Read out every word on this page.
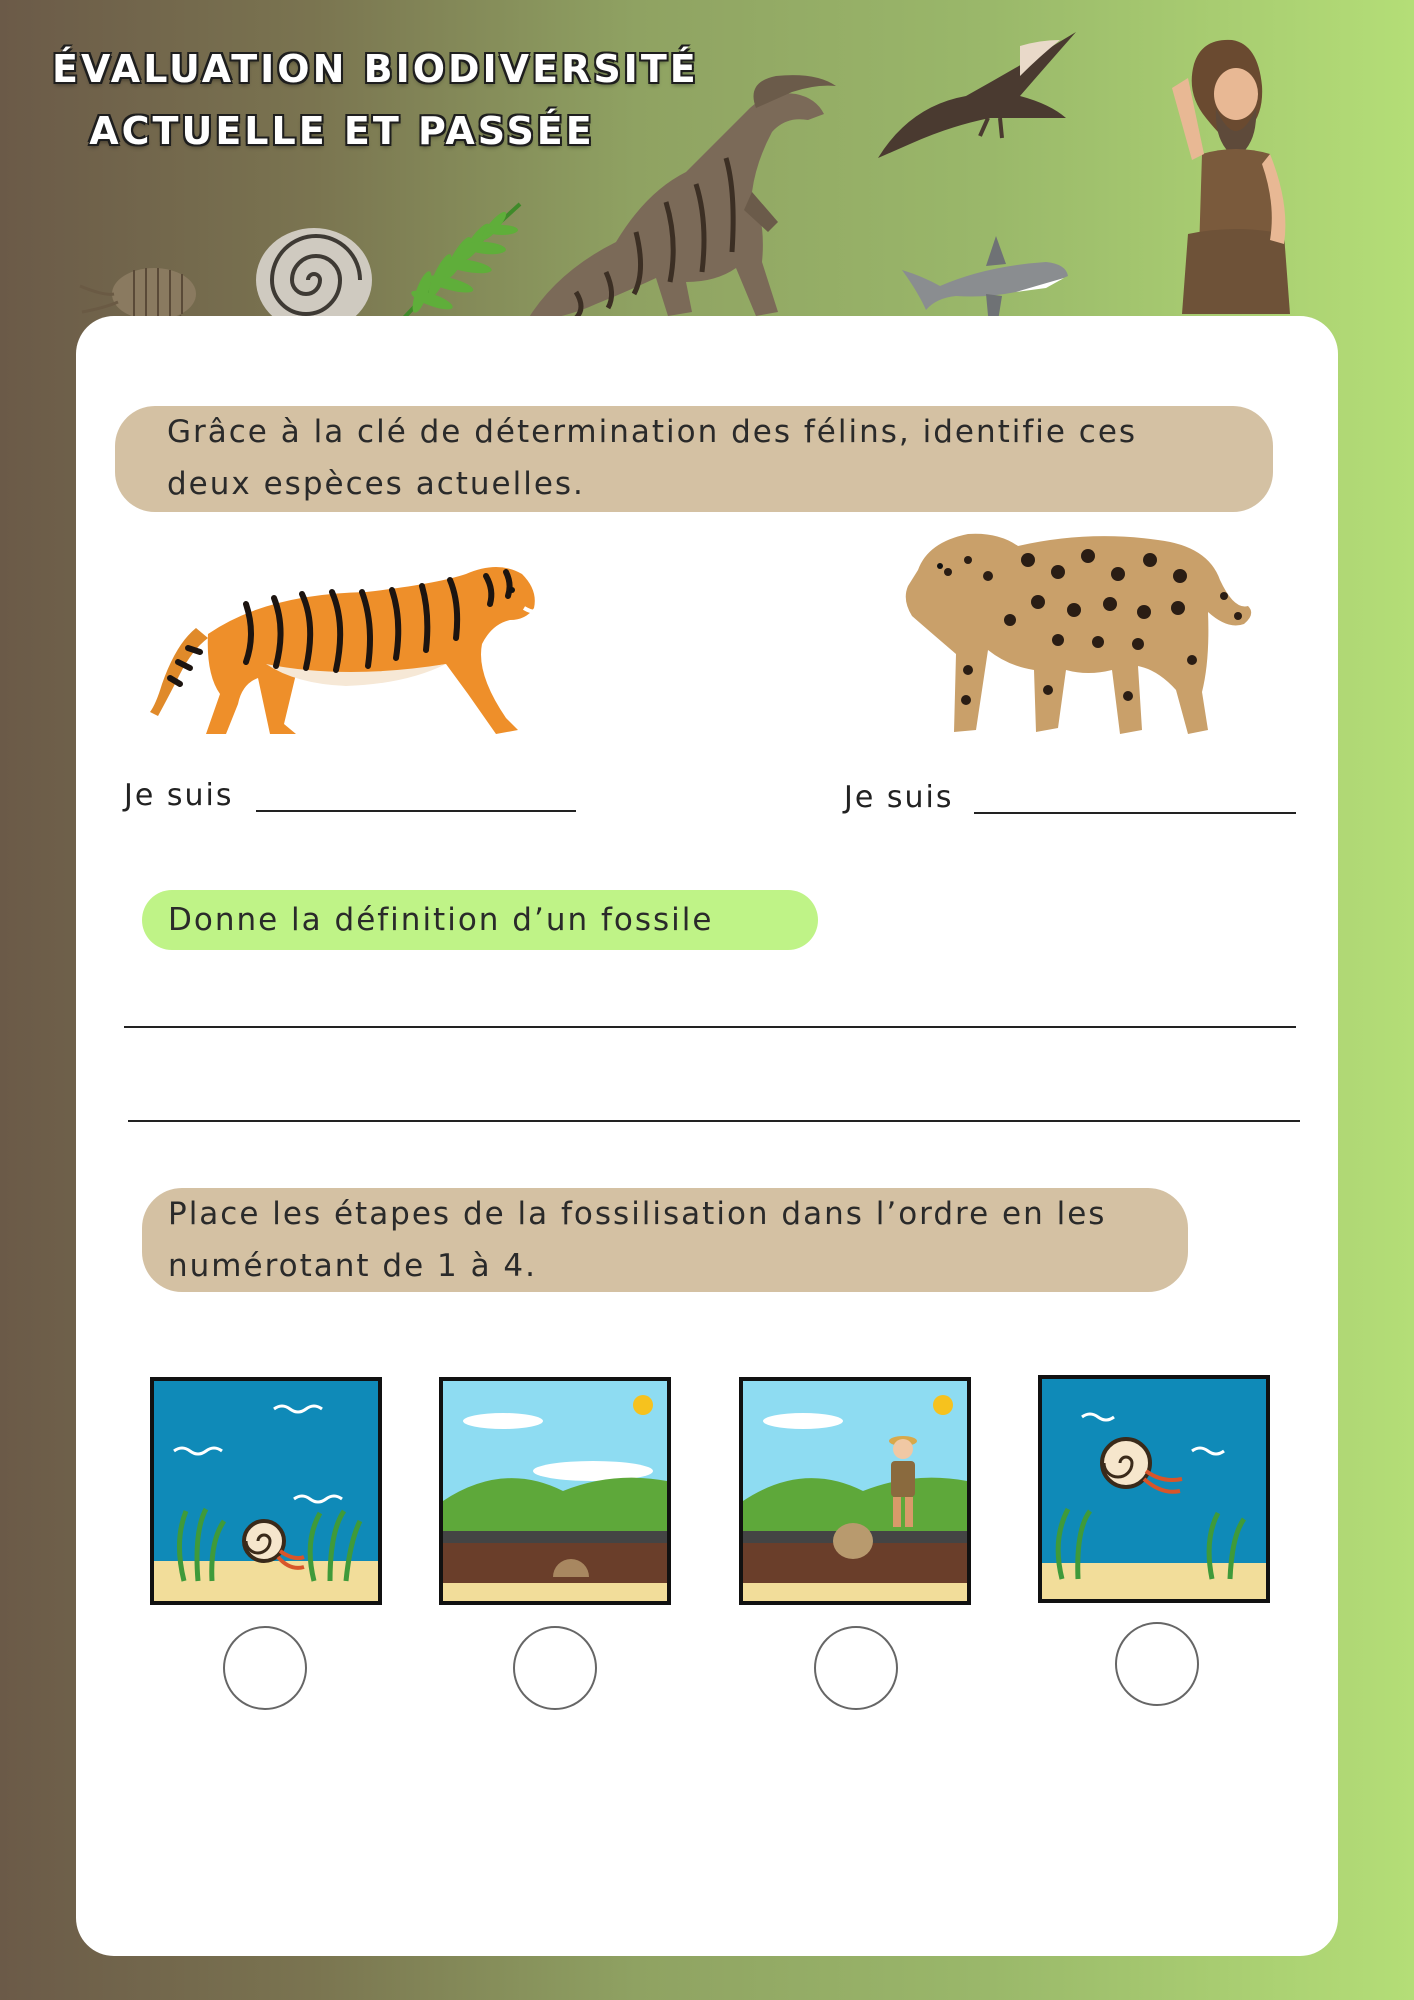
ÉVALUATION BIODIVERSITÉ
ACTUELLE ET PASSÉE
Grâce à la clé de détermination des félins, identifie ces deux espèces actuelles.
Je suis	Je suis
Donne la définition d’un fossile
Place les étapes de la fossilisation dans l’ordre en les numérotant de 1 à 4.
